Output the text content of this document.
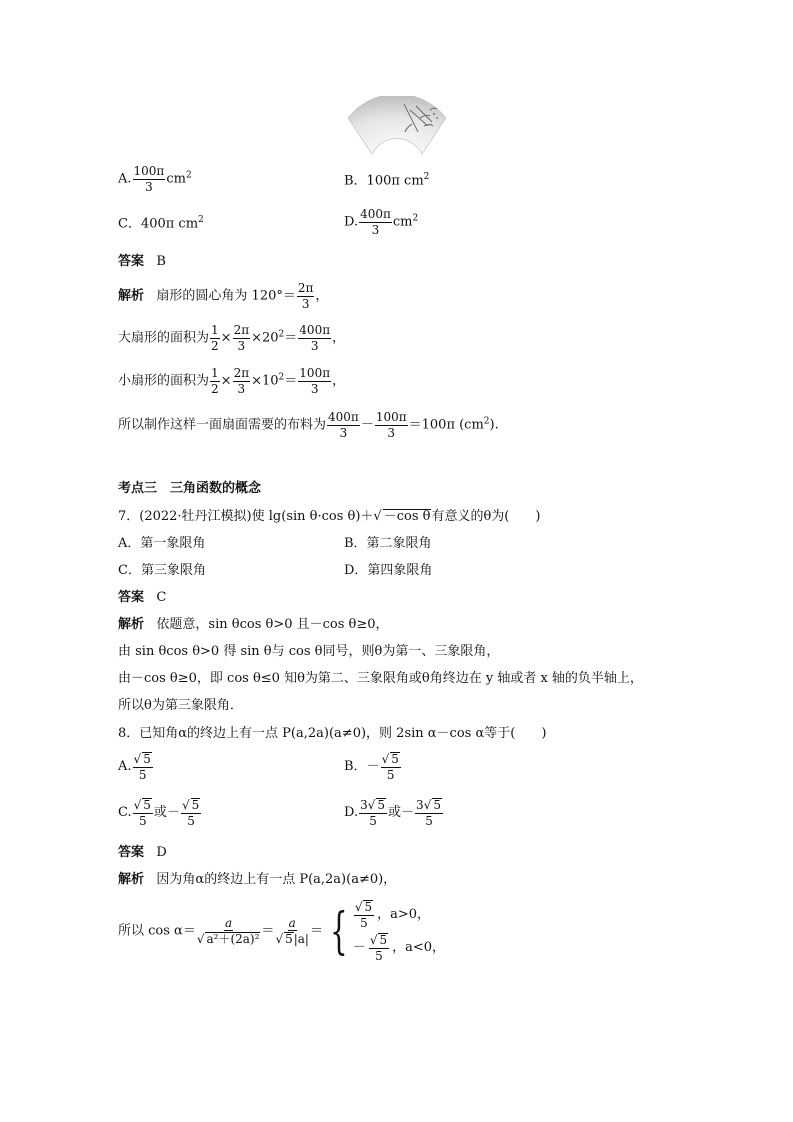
A. $\frac{100\pi}{3} cm^2$	B．100π $cm^2$
C．400π $cm^2$	D. $\frac{400\pi}{3} cm^2$
答案 B
解析 扇形的圆心角为 $120^\circ= \frac{2\pi}{3}$ ，
大扇形的面积为 $\frac{1}{2} \times \frac{2\pi}{3} \times 20^2= \frac{400\pi}{3}$ ，
小扇形的面积为 $\frac{1}{2} \times \frac{2\pi}{3} \times 10^2= \frac{100\pi}{3}$ ，
所以制作这样一面扇面需要的布料为 $\frac{400\pi}{3} - \frac{100\pi}{3} =100\pi$ $(cm^2)$.
考点三　三角函数的概念
7．(2022·牡丹江模拟)使 lg(sin θ·cos θ)＋√ －cos θ有意义的θ为(　　)
A．第一象限角	B．第二象限角
C．第三象限角	D．第四象限角
答案 C
解析 依题意，sin θcos θ>0 且－cos θ≥0，
由 sin θcos θ>0 得 sin θ与 cos θ同号，则θ为第一、三象限角，
由－cos θ≥0，即 cos θ≤0 知θ为第二、三象限角或θ角终边在 y 轴或者 x 轴的负半轴上，
所以θ为第三象限角．
8．已知角α的终边上有一点 P(a,2a)(a≠0)，则 2sin α－cos α等于(　　)
A. $\frac{√ 5}{5}$	B．－ $\frac{√ 5}{5}$
C. $\frac{√ 5}{5}$ 或－ $\frac{√ 5}{5}$	D. $\frac{3√ 5}{5}$ 或－ $\frac{3√ 5}{5}$
答案 D
解析 因为角α的终边上有一点 P(a,2a)(a≠0)，
所以 $\cos \alpha= \frac{a}{\text{√ a²＋(2a)²}} = \frac{a}{√ 5|a|}$ ＝ { $\frac{√ 5}{5}$ ，a>0，
－ $\frac{√ 5}{5}$ ，a<0，
